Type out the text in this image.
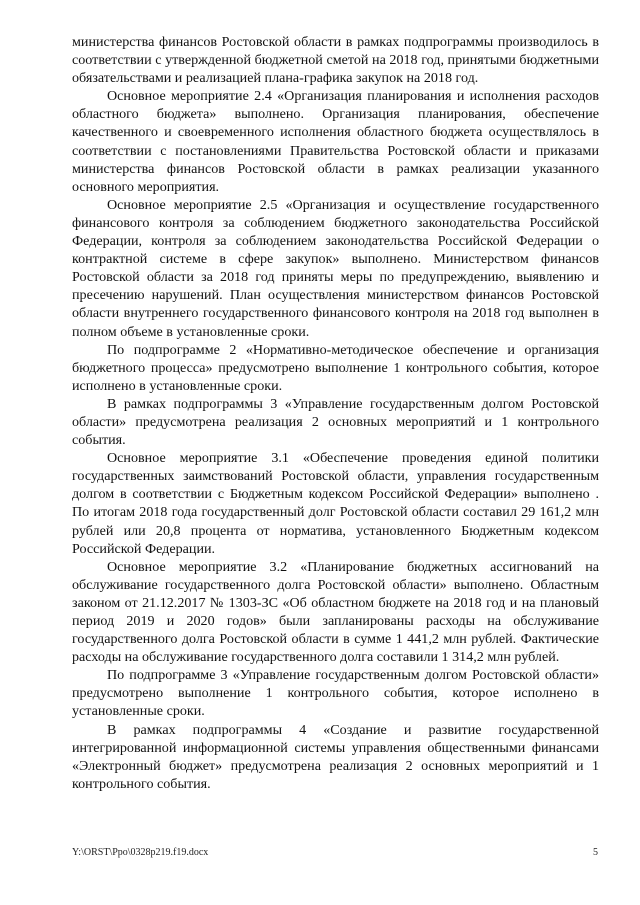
министерства финансов Ростовской области в рамках подпрограммы производилось в соответствии с утвержденной бюджетной сметой на 2018 год, принятыми бюджетными обязательствами и реализацией плана-графика закупок на 2018 год.

Основное мероприятие 2.4 «Организация планирования и исполнения расходов областного бюджета» выполнено. Организация планирования, обеспечение качественного и своевременного исполнения областного бюджета осуществлялось в соответствии с постановлениями Правительства Ростовской области и приказами министерства финансов Ростовской области в рамках реализации указанного основного мероприятия.

Основное мероприятие 2.5 «Организация и осуществление государственного финансового контроля за соблюдением бюджетного законодательства Российской Федерации, контроля за соблюдением законодательства Российской Федерации о контрактной системе в сфере закупок» выполнено. Министерством финансов Ростовской области за 2018 год приняты меры по предупреждению, выявлению и пресечению нарушений. План осуществления министерством финансов Ростовской области внутреннего государственного финансового контроля на 2018 год выполнен в полном объеме в установленные сроки.

По подпрограмме 2 «Нормативно-методическое обеспечение и организация бюджетного процесса» предусмотрено выполнение 1 контрольного события, которое исполнено в установленные сроки.

В рамках подпрограммы 3 «Управление государственным долгом Ростовской области» предусмотрена реализация 2 основных мероприятий и 1 контрольного события.

Основное мероприятие 3.1 «Обеспечение проведения единой политики государственных заимствований Ростовской области, управления государственным долгом в соответствии с Бюджетным кодексом Российской Федерации» выполнено . По итогам 2018 года государственный долг Ростовской области составил 29 161,2 млн рублей или 20,8 процента от норматива, установленного Бюджетным кодексом Российской Федерации.

Основное мероприятие 3.2 «Планирование бюджетных ассигнований на обслуживание государственного долга Ростовской области» выполнено. Областным законом от 21.12.2017 № 1303-ЗС «Об областном бюджете на 2018 год и на плановый период 2019 и 2020 годов» были запланированы расходы на обслуживание государственного долга Ростовской области в сумме 1 441,2 млн рублей. Фактические расходы на обслуживание государственного долга составили 1 314,2 млн рублей.

По подпрограмме 3 «Управление государственным долгом Ростовской области» предусмотрено выполнение 1 контрольного события, которое исполнено в установленные сроки.

В рамках подпрограммы 4 «Создание и развитие государственной интегрированной информационной системы управления общественными финансами «Электронный бюджет» предусмотрена реализация 2 основных мероприятий и 1 контрольного события.

Y:\ORST\Ppo\0328p219.f19.docx	5
